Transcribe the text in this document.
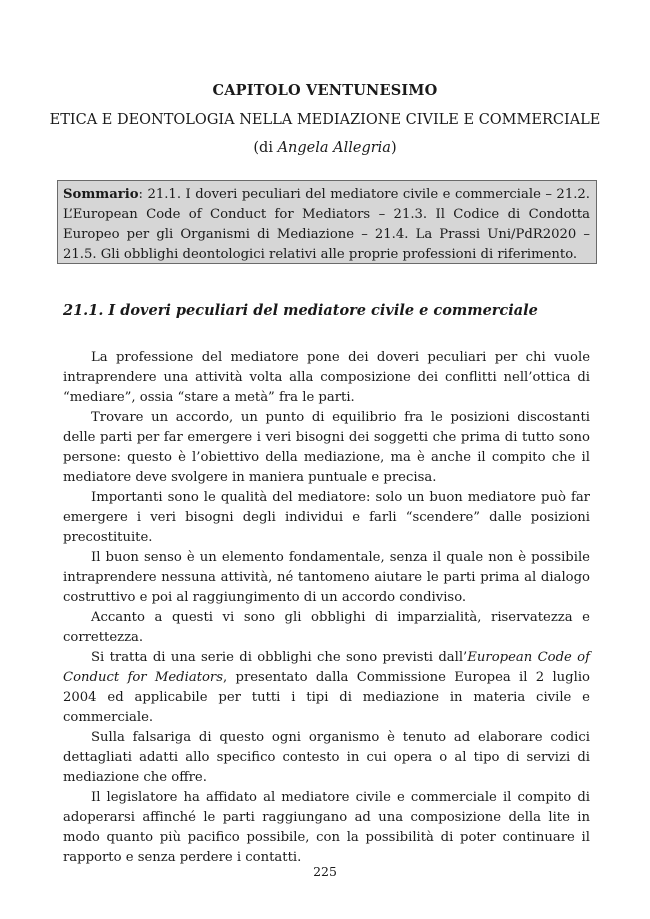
CAPITOLO VENTUNESIMO
ETICA E DEONTOLOGIA NELLA MEDIAZIONE CIVILE E COMMERCIALE
(di Angela Allegria)
Sommario: 21.1. I doveri peculiari del mediatore civile e commerciale – 21.2. L’European Code of Conduct for Mediators – 21.3. Il Codice di Condotta Europeo per gli Organismi di Mediazione – 21.4. La Prassi Uni/PdR2020 – 21.5. Gli obblighi deontologici relativi alle proprie professioni di riferimento.
21.1. I doveri peculiari del mediatore civile e commerciale

La professione del mediatore pone dei doveri peculiari per chi vuole intraprendere una attività volta alla composizione dei conflitti nell’ottica di “mediare”, ossia “stare a metà” fra le parti.

Trovare un accordo, un punto di equilibrio fra le posizioni discostanti delle parti per far emergere i veri bisogni dei soggetti che prima di tutto sono persone: questo è l’obiettivo della mediazione, ma è anche il compito che il mediatore deve svolgere in maniera puntuale e precisa.

Importanti sono le qualità del mediatore: solo un buon mediatore può far emergere i veri bisogni degli individui e farli “scendere” dalle posizioni precostituite.

Il buon senso è un elemento fondamentale, senza il quale non è possibile intraprendere nessuna attività, né tantomeno aiutare le parti prima al dialogo costruttivo e poi al raggiungimento di un accordo condiviso.

Accanto a questi vi sono gli obblighi di imparzialità, riservatezza e correttezza.

Si tratta di una serie di obblighi che sono previsti dall’European Code of Conduct for Mediators, presentato dalla Commissione Europea il 2 luglio 2004 ed applicabile per tutti i tipi di mediazione in materia civile e commerciale.

Sulla falsariga di questo ogni organismo è tenuto ad elaborare codici dettagliati adatti allo specifico contesto in cui opera o al tipo di servizi di mediazione che offre.

Il legislatore ha affidato al mediatore civile e commerciale il compito di adoperarsi affinché le parti raggiungano ad una composizione della lite in modo quanto più pacifico possibile, con la possibilità di poter continuare il rapporto e senza perdere i contatti.

225
